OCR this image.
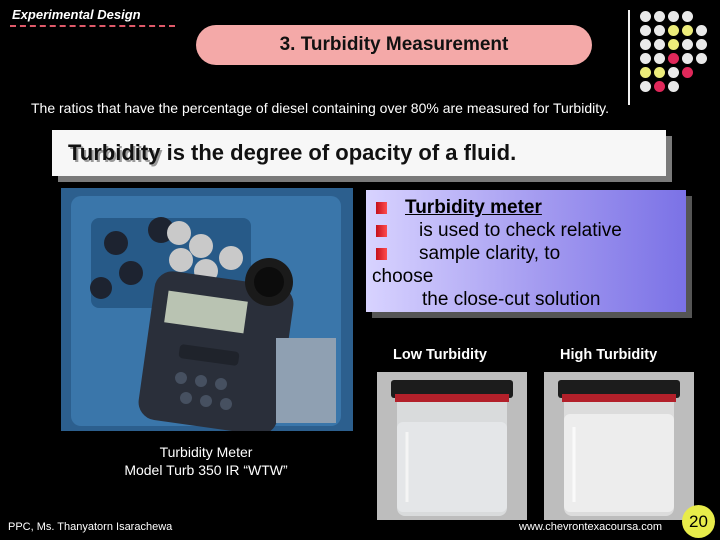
Experimental Design
3. Turbidity Measurement
The ratios that have the percentage of diesel containing over 80% are measured for Turbidity.
Turbidity is the degree of opacity of a fluid.
Turbidity Meter
Model Turb 350 IR “WTW”
Turbidity meter
is used to check relative
sample clarity, to
choose
the close-cut solution
Low Turbidity	High Turbidity
PPC, Ms. Thanyatorn Isarachewa	www.chevrontexacoursa.com 20
